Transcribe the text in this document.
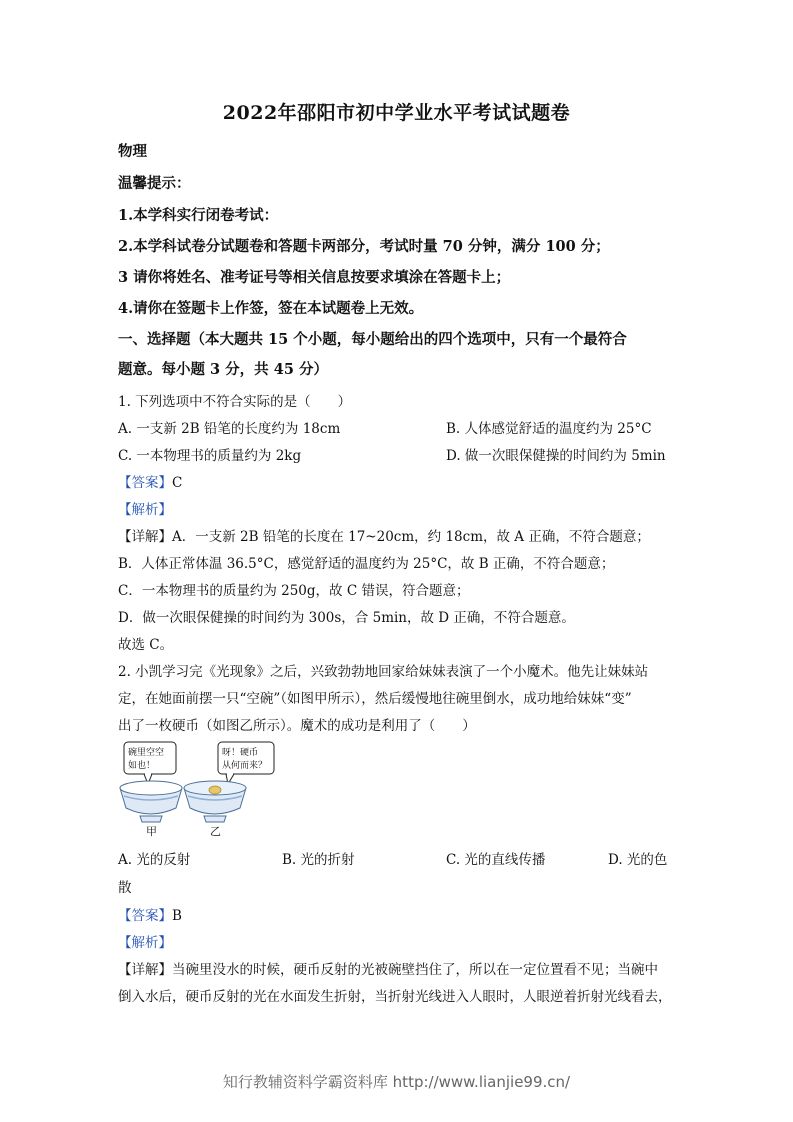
2022年邵阳市初中学业水平考试试题卷
物理
温馨提示：
1.本学科实行闭卷考试：
2.本学科试卷分试题卷和答题卡两部分，考试时量 70 分钟，满分 100 分；
3 请你将姓名、准考证号等相关信息按要求填涂在答题卡上；
4.请你在签题卡上作签，签在本试题卷上无效。
一、选择题（本大题共 15 个小题，每小题给出的四个选项中，只有一个最符合
题意。每小题 3 分，共 45 分）
1. 下列选项中不符合实际的是（　　）
A. 一支新 2B 铅笔的长度约为 18cm	B. 人体感觉舒适的温度约为 25°C
C. 一本物理书的质量约为 2kg	D. 做一次眼保健操的时间约为 5min
【答案】C
【解析】
【详解】A．一支新 2B 铅笔的长度在 17~20cm，约 18cm，故 A 正确，不符合题意；
B．人体正常体温 36.5°C，感觉舒适的温度约为 25°C，故 B 正确，不符合题意；
C．一本物理书的质量约为 250g，故 C 错误，符合题意；
D．做一次眼保健操的时间约为 300s，合 5min，故 D 正确，不符合题意。
故选 C。
2. 小凯学习完《光现象》之后，兴致勃勃地回家给妹妹表演了一个小魔术。他先让妹妹站
定，在她面前摆一只“空碗”（如图甲所示），然后缓慢地往碗里倒水，成功地给妹妹“变”
出了一枚硬币（如图乙所示）。魔术的成功是利用了（　　）
碗里空空
如也！
呀！硬币
从何而来？
甲	乙
A. 光的反射	B. 光的折射	C. 光的直线传播	D. 光的色
散
【答案】B
【解析】
【详解】当碗里没水的时候，硬币反射的光被碗壁挡住了，所以在一定位置看不见；当碗中
倒入水后，硬币反射的光在水面发生折射，当折射光线进入人眼时，人眼逆着折射光线看去，
知行教辅资料学霸资料库 http://www.lianjie99.cn/
